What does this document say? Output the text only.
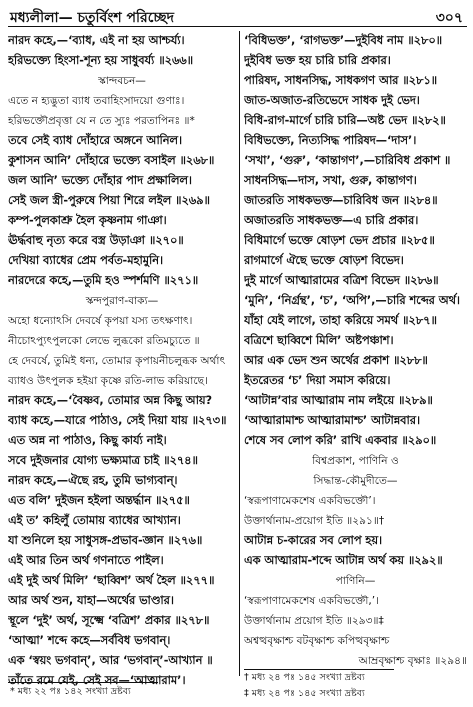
মধ্যলীলা— চতুর্বিংশ পরিচ্ছেদ	৩০৭
নারদ কহে,—‘ব্যাধ, এই না হয় আশ্চর্য্য।
হরিভক্ত্যে হিংসা-শূন্য হয় সাধুবর্য্য ॥২৬৬॥
স্কান্দবচন—
এতে ন হ্যদ্ভুতা ব্যাধ তবাহিংসাদয়ো গুণাঃ।
হরিভক্তৌপ্রবৃত্তা যে ন তে স্যুঃ পরতাপিনঃ ॥*
তবে সেই ব্যাধ দোঁহারে অঙ্গনে আনিল।
কুশাসন আনি’ দোঁহারে ভক্ত্যে বসাইল ॥২৬৮॥
জল আনি’ ভক্ত্যে দোঁহার পাদ প্রক্ষালিল।
সেই জল স্ত্রী-পুরুষে পিয়া শিরে লইল ॥২৬৯॥
কম্প-পুলকাশ্রু হৈল কৃষ্ণনাম গাঞা।
ঊর্দ্ধবাহু নৃত্য করে বস্ত্র উড়াঞা ॥২৭০॥
দেখিয়া ব্যাধের প্রেম পর্বত-মহামুনি।
নারদেরে কহে,—তুমি হও স্পর্শমণি ॥২৭১॥
স্কন্দপুরাণ-বাক্য—
অহো ধন্যোঽসি দেবর্ষে কৃপয়া যস্য তৎক্ষণাৎ।
নীচোঽপ্যুৎপুলকো লেভে লুব্ধকো রতিমচ্যুতে ॥
হে দেবর্ষে, তুমিই ধন্য, তোমার কৃপায়নীচলুব্ধক অর্থাৎ
ব্যাধও উৎপুলক হইয়া কৃষ্ণে রতি-লাভ করিয়াছে।
নারদ কহে,—‘বৈষ্ণব, তোমার অন্ন কিছু আয়?
ব্যাধ কহে,—যারে পাঠাও, সেই দিয়া যায় ॥২৭৩॥
এত অন্ন না পাঠাও, কিছু কার্য্য নাই।
সবে দুইজনার যোগ্য ভক্ষ্যমাত্র চাই ॥২৭৪॥
নারদ কহে,—ঐছে রহ, তুমি ভাগ্যবান্।
এত বলি’ দুইজন হইলা অন্তর্দ্ধান ॥২৭৫॥
এই ত’ কহিলুঁ তোমায় ব্যাধের আখ্যান।
যা শুনিলে হয় সাধুসঙ্গ-প্রভাব-জ্ঞান ॥২৭৬॥
এই আর তিন অর্থ গণনাতে পাইল।
এই দুই অর্থ মিলি’ ‘ছাব্বিশ’ অর্থ হৈল ॥২৭৭॥
আর অর্থ শুন, যাহা—অর্থের ভাণ্ডার।
স্থূলে ‘দুই’ অর্থ, সূক্ষ্মে ‘বত্রিশ’ প্রকার ॥২৭৮॥
‘আত্মা’ শব্দে কহে—সর্ববিধ ভগবান্।
এক ‘স্বয়ং ভগবান্’, আর ‘ভগবান্’-আখ্যান ॥
তাঁতে রমে যেই, সেই সব—‘আত্মারাম’।
‘বিধিভক্ত’, ‘রাগভক্ত’—দুইবিধ নাম ॥২৮০॥
দুইবিধ ভক্ত হয় চারি চারি প্রকার।
পারিষদ, সাধনসিদ্ধ, সাধকগণ আর ॥২৮১॥
জাত-অজাত-রতিভেদে সাধক দুই ভেদ।
বিধি-রাগ-মার্গে চারি চারি—অষ্ট ভেদ ॥২৮২॥
বিধিভক্ত্যে, নিত্যসিদ্ধ পারিষদ—‘দাস’।
‘সখা’, ‘গুরু’, ‘কান্তাগণ’,—চারিবিধ প্রকাশ ॥
সাধনসিদ্ধ—দাস, সখা, গুরু, কান্তাগণ।
জাতরতি সাধকভক্ত—চারিবিধ জন ॥২৮৪॥
অজাতরতি সাধকভক্ত—এ চারি প্রকার।
বিধিমার্গে ভক্তে ষোড়শ ভেদ প্রচার ॥২৮৫॥
রাগমার্গে ঐছে ভক্তে ষোড়শ বিভেদ।
দুই মার্গে আত্মারামের বত্রিশ বিভেদ ॥২৮৬॥
‘মুনি’, ‘নির্গ্রন্থ’, ‘চ’, ‘অপি’,—চারি শব্দের অর্থ।
যাঁহা যেই লাগে, তাহা করিয়ে সমর্থ ॥২৮৭॥
বত্রিশে ছাব্বিশে মিলি’ অষ্টপঞ্চাশ।
আর এক ভেদ শুন অর্থের প্রকাশ ॥২৮৮॥
ইতরেতর ‘চ’ দিয়া সমাস করিয়ে।
‘আটান্ন’বার আত্মারাম নাম লইয়ে ॥২৮৯॥
‘আত্মারামাশ্চ আত্মারামাশ্চ’ আটান্নবার।
শেষে সব লোপ করি’ রাখি একবার ॥২৯০॥
বিশ্বপ্রকাশ, পাণিনি ও
সিদ্ধান্ত-কৌমুদীতে—
‘স্বরূপাণামেকশেষ একবিভক্তৌ’।
উক্তার্থানাম-প্রয়োগ ইতি ॥২৯১॥†
আটান্ন চ-কারের সব লোপ হয়।
এক আত্মারাম-শব্দে আটান্ন অর্থ কয় ॥২৯২॥
পাণিনি—
‘স্বরূপাণামেকশেষ একবিভক্তৌ,’।
উক্তার্থানাম প্রয়োগ ইতি ॥২৯৩॥‡
অশ্বত্থবৃক্ষাশ্চ বটবৃক্ষাশ্চ কপিত্থবৃক্ষাশ্চ
আম্রবৃক্ষাশ্চ বৃক্ষাঃ ॥২৯৪॥
* মধ্য ২২ পঃ ১৪২ সংখ্যা দ্রষ্টব্য
† মধ্য ২৪ পঃ ১৪৫ সংখ্যা দ্রষ্টব্য
‡ মধ্য ২৪ পঃ ১৪৫ সংখ্যা দ্রষ্টব্য
